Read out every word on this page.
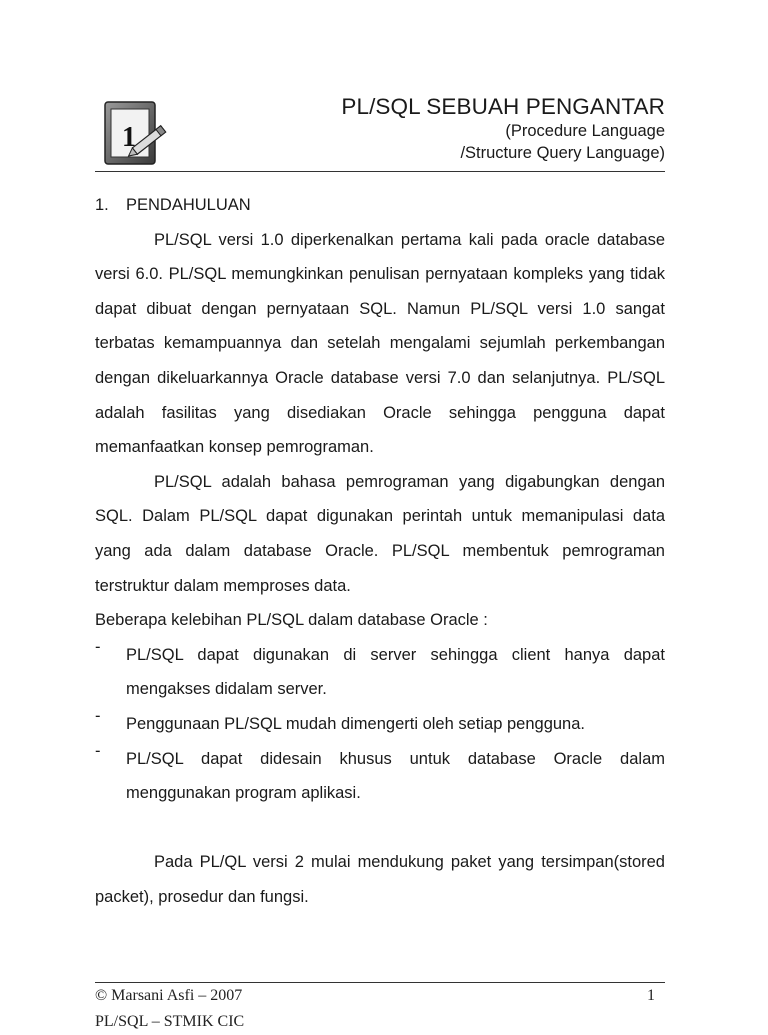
1
PL/SQL SEBUAH PENGANTAR
(Procedure Language
/Structure Query Language)
1. PENDAHULUAN
PL/SQL versi 1.0 diperkenalkan pertama kali pada oracle database
versi 6.0. PL/SQL memungkinkan penulisan pernyataan kompleks yang tidak
dapat dibuat dengan pernyataan SQL. Namun PL/SQL versi 1.0 sangat
terbatas kemampuannya dan setelah mengalami sejumlah perkembangan
dengan dikeluarkannya Oracle database versi 7.0 dan selanjutnya. PL/SQL
adalah fasilitas yang disediakan Oracle sehingga pengguna dapat
memanfaatkan konsep pemrograman.
PL/SQL adalah bahasa pemrograman yang digabungkan dengan
SQL. Dalam PL/SQL dapat digunakan perintah untuk memanipulasi data
yang ada dalam database Oracle. PL/SQL membentuk pemrograman
terstruktur dalam memproses data.
Beberapa kelebihan PL/SQL dalam database Oracle :
- PL/SQL dapat digunakan di server sehingga client hanya dapat
mengakses didalam server.
- Penggunaan PL/SQL mudah dimengerti oleh setiap pengguna.
- PL/SQL dapat didesain khusus untuk database Oracle dalam
menggunakan program aplikasi.
Pada PL/QL versi 2 mulai mendukung paket yang tersimpan(stored
packet), prosedur dan fungsi.
© Marsani Asfi – 2007	1
PL/SQL – STMIK CIC
